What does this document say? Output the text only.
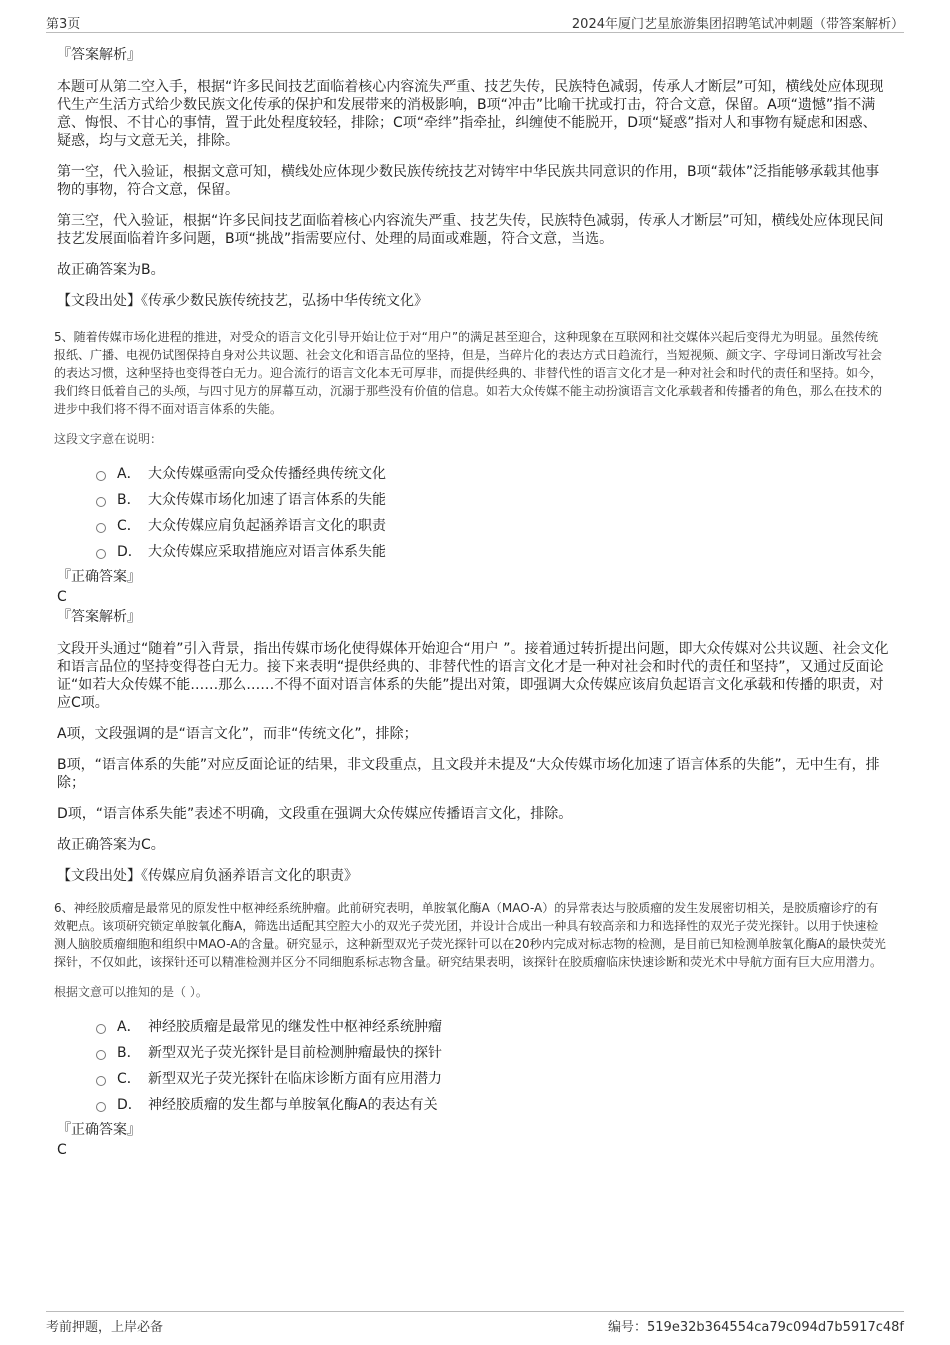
第3页	2024年厦门艺星旅游集团招聘笔试冲刺题（带答案解析）
『答案解析』

本题可从第二空入手，根据“许多民间技艺面临着核心内容流失严重、技艺失传，民族特色减弱，传承人才断层”可知，横线处应体现现代生产生活方式给少数民族文化传承的保护和发展带来的消极影响，B项“冲击”比喻干扰或打击，符合文意，保留。A项“遗憾”指不满意、悔恨、不甘心的事情，置于此处程度较轻，排除；C项“牵绊”指牵扯，纠缠使不能脱开，D项“疑惑”指对人和事物有疑虑和困惑、疑惑，均与文意无关，排除。

第一空，代入验证，根据文意可知，横线处应体现少数民族传统技艺对铸牢中华民族共同意识的作用，B项“载体”泛指能够承载其他事物的事物，符合文意，保留。

第三空，代入验证，根据“许多民间技艺面临着核心内容流失严重、技艺失传，民族特色减弱，传承人才断层”可知，横线处应体现民间技艺发展面临着许多问题，B项“挑战”指需要应付、处理的局面或难题，符合文意，当选。

故正确答案为B。

【文段出处】《传承少数民族传统技艺，弘扬中华传统文化》

5、随着传媒市场化进程的推进，对受众的语言文化引导开始让位于对“用户”的满足甚至迎合，这种现象在互联网和社交媒体兴起后变得尤为明显。虽然传统报纸、广播、电视仍试图保持自身对公共议题、社会文化和语言品位的坚持，但是，当碎片化的表达方式日趋流行，当短视频、颜文字、字母词日渐改写社会的表达习惯，这种坚持也变得苍白无力。迎合流行的语言文化本无可厚非，而提供经典的、非替代性的语言文化才是一种对社会和时代的责任和坚持。如今，我们终日低着自己的头颅，与四寸见方的屏幕互动，沉溺于那些没有价值的信息。如若大众传媒不能主动扮演语言文化承载者和传播者的角色，那么在技术的进步中我们将不得不面对语言体系的失能。

这段文字意在说明：

A． 大众传媒亟需向受众传播经典传统文化
B． 大众传媒市场化加速了语言体系的失能
C． 大众传媒应肩负起涵养语言文化的职责
D． 大众传媒应采取措施应对语言体系失能
『正确答案』
C
『答案解析』

文段开头通过“随着”引入背景，指出传媒市场化使得媒体开始迎合“用户 ”。接着通过转折提出问题，即大众传媒对公共议题、社会文化和语言品位的坚持变得苍白无力。接下来表明“提供经典的、非替代性的语言文化才是一种对社会和时代的责任和坚持”，又通过反面论证“如若大众传媒不能……那么……不得不面对语言体系的失能”提出对策，即强调大众传媒应该肩负起语言文化承载和传播的职责，对应C项。

A项，文段强调的是“语言文化”，而非“传统文化”，排除；

B项，“语言体系的失能”对应反面论证的结果，非文段重点，且文段并未提及“大众传媒市场化加速了语言体系的失能”，无中生有，排除；

D项，“语言体系失能”表述不明确，文段重在强调大众传媒应传播语言文化，排除。

故正确答案为C。

【文段出处】《传媒应肩负涵养语言文化的职责》

6、神经胶质瘤是最常见的原发性中枢神经系统肿瘤。此前研究表明，单胺氧化酶A（MAO-A）的异常表达与胶质瘤的发生发展密切相关，是胶质瘤诊疗的有效靶点。该项研究锁定单胺氧化酶A，筛选出适配其空腔大小的双光子荧光团，并设计合成出一种具有较高亲和力和选择性的双光子荧光探针。以用于快速检测人脑胶质瘤细胞和组织中MAO-A的含量。研究显示，这种新型双光子荧光探针可以在20秒内完成对标志物的检测，是目前已知检测单胺氧化酶A的最快荧光探针，不仅如此，该探针还可以精准检测并区分不同细胞系标志物含量。研究结果表明，该探针在胶质瘤临床快速诊断和荧光术中导航方面有巨大应用潜力。

根据文意可以推知的是（ ）。

A． 神经胶质瘤是最常见的继发性中枢神经系统肿瘤
B． 新型双光子荧光探针是目前检测肿瘤最快的探针
C． 新型双光子荧光探针在临床诊断方面有应用潜力
D． 神经胶质瘤的发生都与单胺氧化酶A的表达有关
『正确答案』
C
考前押题，上岸必备	编号：519e32b364554ca79c094d7b5917c48f
